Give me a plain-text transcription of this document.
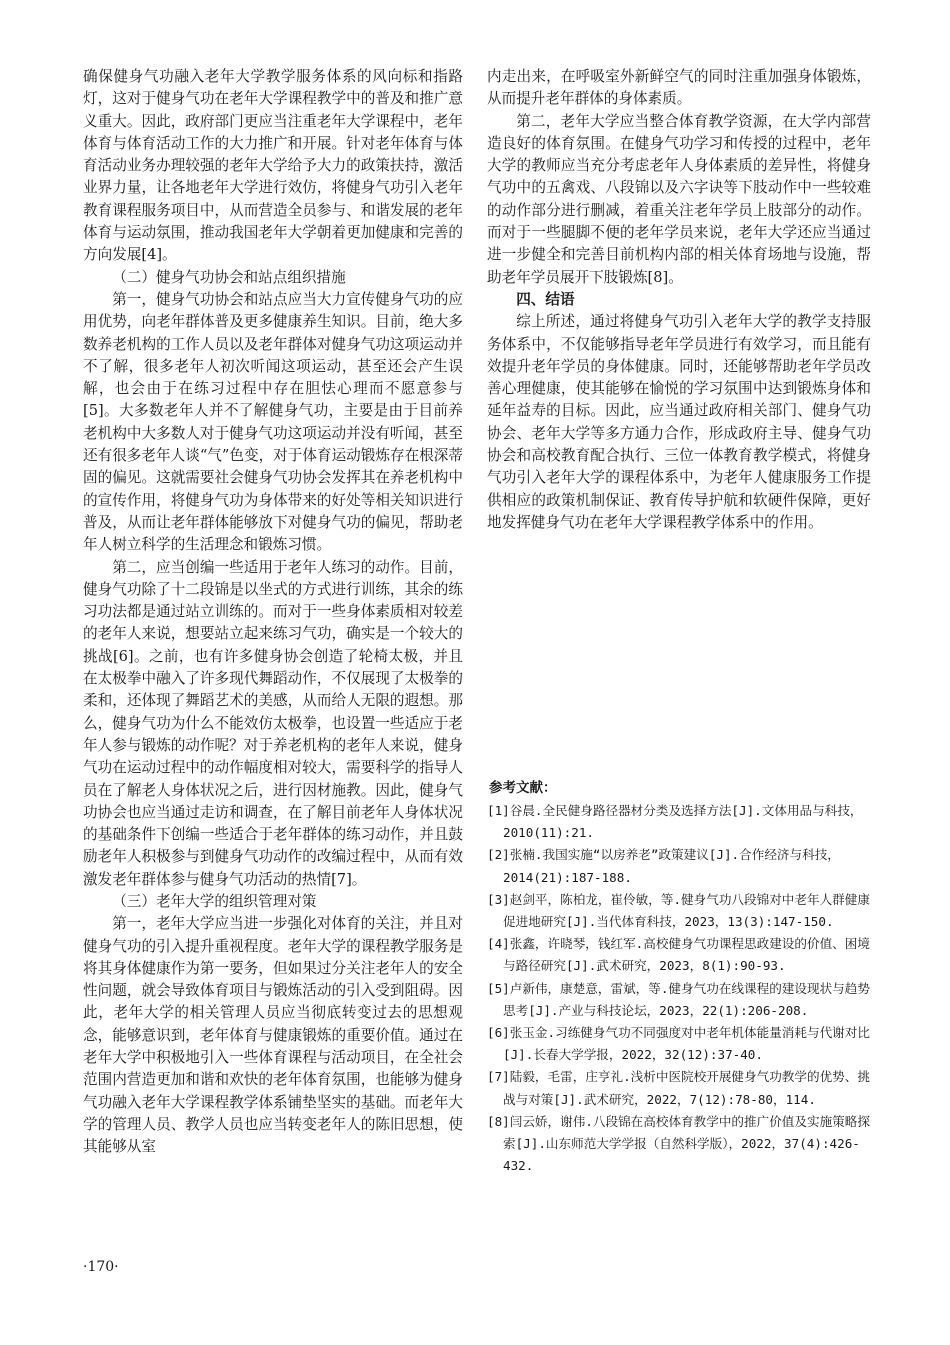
确保健身气功融入老年大学教学服务体系的风向标和指路灯，这对于健身气功在老年大学课程教学中的普及和推广意义重大。因此，政府部门更应当注重老年大学课程中，老年体育与体育活动工作的大力推广和开展。针对老年体育与体育活动业务办理较强的老年大学给予大力的政策扶持，激活业界力量，让各地老年大学进行效仿，将健身气功引入老年教育课程服务项目中，从而营造全员参与、和谐发展的老年体育与运动氛围，推动我国老年大学朝着更加健康和完善的方向发展[4]。

（二）健身气功协会和站点组织措施

第一，健身气功协会和站点应当大力宣传健身气功的应用优势，向老年群体普及更多健康养生知识。目前，绝大多数养老机构的工作人员以及老年群体对健身气功这项运动并不了解，很多老年人初次听闻这项运动，甚至还会产生误解，也会由于在练习过程中存在胆怯心理而不愿意参与[5]。大多数老年人并不了解健身气功，主要是由于目前养老机构中大多数人对于健身气功这项运动并没有听闻，甚至还有很多老年人谈“气”色变，对于体育运动锻炼存在根深蒂固的偏见。这就需要社会健身气功协会发挥其在养老机构中的宣传作用，将健身气功为身体带来的好处等相关知识进行普及，从而让老年群体能够放下对健身气功的偏见，帮助老年人树立科学的生活理念和锻炼习惯。

第二，应当创编一些适用于老年人练习的动作。目前，健身气功除了十二段锦是以坐式的方式进行训练，其余的练习功法都是通过站立训练的。而对于一些身体素质相对较差的老年人来说，想要站立起来练习气功，确实是一个较大的挑战[6]。之前，也有许多健身协会创造了轮椅太极，并且在太极拳中融入了许多现代舞蹈动作，不仅展现了太极拳的柔和，还体现了舞蹈艺术的美感，从而给人无限的遐想。那么，健身气功为什么不能效仿太极拳，也设置一些适应于老年人参与锻炼的动作呢？对于养老机构的老年人来说，健身气功在运动过程中的动作幅度相对较大，需要科学的指导人员在了解老人身体状况之后，进行因材施教。因此，健身气功协会也应当通过走访和调查，在了解目前老年人身体状况的基础条件下创编一些适合于老年群体的练习动作，并且鼓励老年人积极参与到健身气功动作的改编过程中，从而有效激发老年群体参与健身气功活动的热情[7]。

（三）老年大学的组织管理对策

第一，老年大学应当进一步强化对体育的关注，并且对健身气功的引入提升重视程度。老年大学的课程教学服务是将其身体健康作为第一要务，但如果过分关注老年人的安全性问题，就会导致体育项目与锻炼活动的引入受到阻碍。因此，老年大学的相关管理人员应当彻底转变过去的思想观念，能够意识到，老年体育与健康锻炼的重要价值。通过在老年大学中积极地引入一些体育课程与活动项目，在全社会范围内营造更加和谐和欢快的老年体育氛围，也能够为健身气功融入老年大学课程教学体系铺垫坚实的基础。而老年大学的管理人员、教学人员也应当转变老年人的陈旧思想，使其能够从室

内走出来，在呼吸室外新鲜空气的同时注重加强身体锻炼，从而提升老年群体的身体素质。

第二，老年大学应当整合体育教学资源，在大学内部营造良好的体育氛围。在健身气功学习和传授的过程中，老年大学的教师应当充分考虑老年人身体素质的差异性，将健身气功中的五禽戏、八段锦以及六字诀等下肢动作中一些较难的动作部分进行删减，着重关注老年学员上肢部分的动作。而对于一些腿脚不便的老年学员来说，老年大学还应当通过进一步健全和完善目前机构内部的相关体育场地与设施，帮助老年学员展开下肢锻炼[8]。

四、结语

综上所述，通过将健身气功引入老年大学的教学支持服务体系中，不仅能够指导老年学员进行有效学习，而且能有效提升老年学员的身体健康。同时，还能够帮助老年学员改善心理健康，使其能够在愉悦的学习氛围中达到锻炼身体和延年益寿的目标。因此，应当通过政府相关部门、健身气功协会、老年大学等多方通力合作，形成政府主导、健身气功协会和高校教育配合执行、三位一体教育教学模式，将健身气功引入老年大学的课程体系中，为老年人健康服务工作提供相应的政策机制保证、教育传导护航和软硬件保障，更好地发挥健身气功在老年大学课程教学体系中的作用。

参考文献：

[1]谷晨.全民健身路径器材分类及选择方法[J].文体用品与科技，2010(11):21.

[2]张楠.我国实施“以房养老”政策建议[J].合作经济与科技，2014(21):187-188.

[3]赵剑平，陈柏龙，崔伶敏，等.健身气功八段锦对中老年人群健康促进地研究[J].当代体育科技，2023，13(3):147-150.

[4]张鑫，许晓琴，钱红军.高校健身气功课程思政建设的价值、困境与路径研究[J].武术研究，2023，8(1):90-93.

[5]卢新伟，康楚意，雷斌，等.健身气功在线课程的建设现状与趋势思考[J].产业与科技论坛，2023，22(1):206-208.

[6]张玉金.习练健身气功不同强度对中老年机体能量消耗与代谢对比[J].长春大学学报，2022，32(12):37-40.

[7]陆毅，毛雷，庄亨礼.浅析中医院校开展健身气功教学的优势、挑战与对策[J].武术研究，2022，7(12):78-80，114.

[8]闫云娇，谢伟.八段锦在高校体育教学中的推广价值及实施策略探索[J].山东师范大学学报（自然科学版），2022，37(4):426-432.

·170·
